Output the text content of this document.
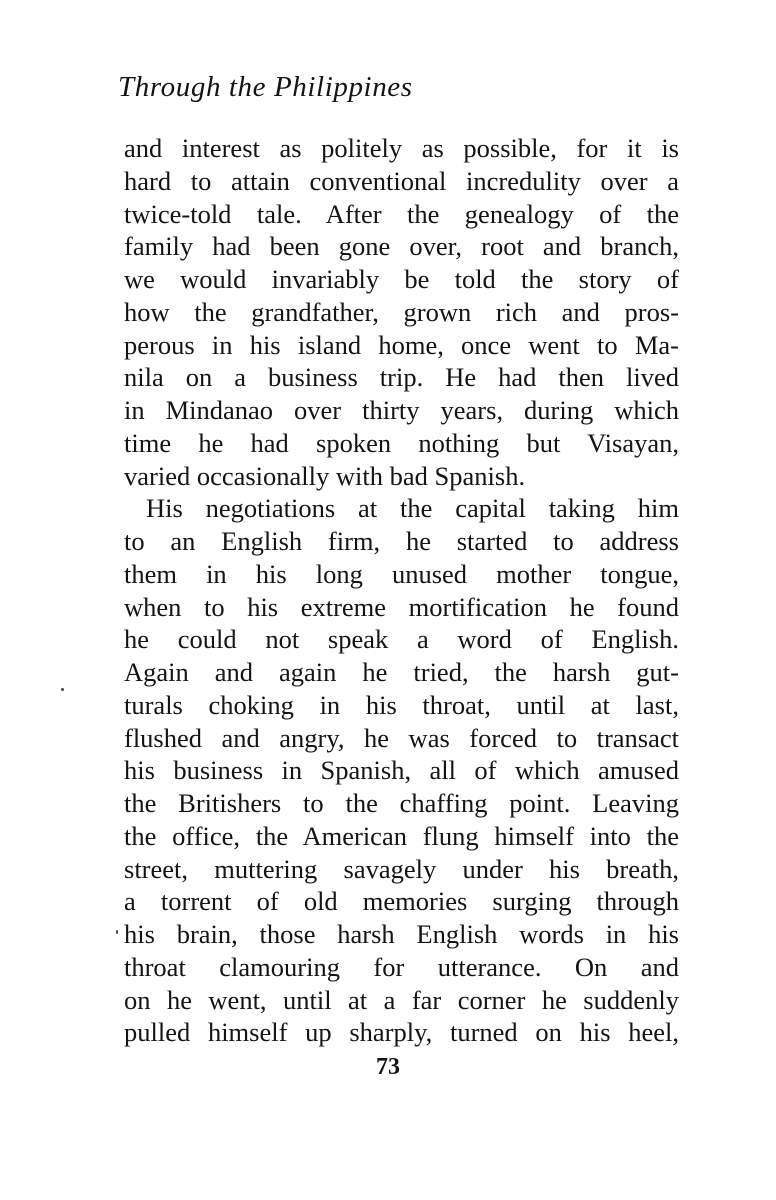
Through the Philippines
and interest as politely as possible, for it is
hard to attain conventional incredulity over a
twice-told tale. After the genealogy of the
family had been gone over, root and branch,
we would invariably be told the story of
how the grandfather, grown rich and pros-
perous in his island home, once went to Ma-
nila on a business trip. He had then lived
in Mindanao over thirty years, during which
time he had spoken nothing but Visayan,
varied occasionally with bad Spanish.
His negotiations at the capital taking him
to an English firm, he started to address
them in his long unused mother tongue,
when to his extreme mortification he found
he could not speak a word of English.
Again and again he tried, the harsh gut-
turals choking in his throat, until at last,
flushed and angry, he was forced to transact
his business in Spanish, all of which amused
the Britishers to the chaffing point. Leaving
the office, the American flung himself into the
street, muttering savagely under his breath,
a torrent of old memories surging through
his brain, those harsh English words in his
throat clamouring for utterance. On and
on he went, until at a far corner he suddenly
pulled himself up sharply, turned on his heel,
73
